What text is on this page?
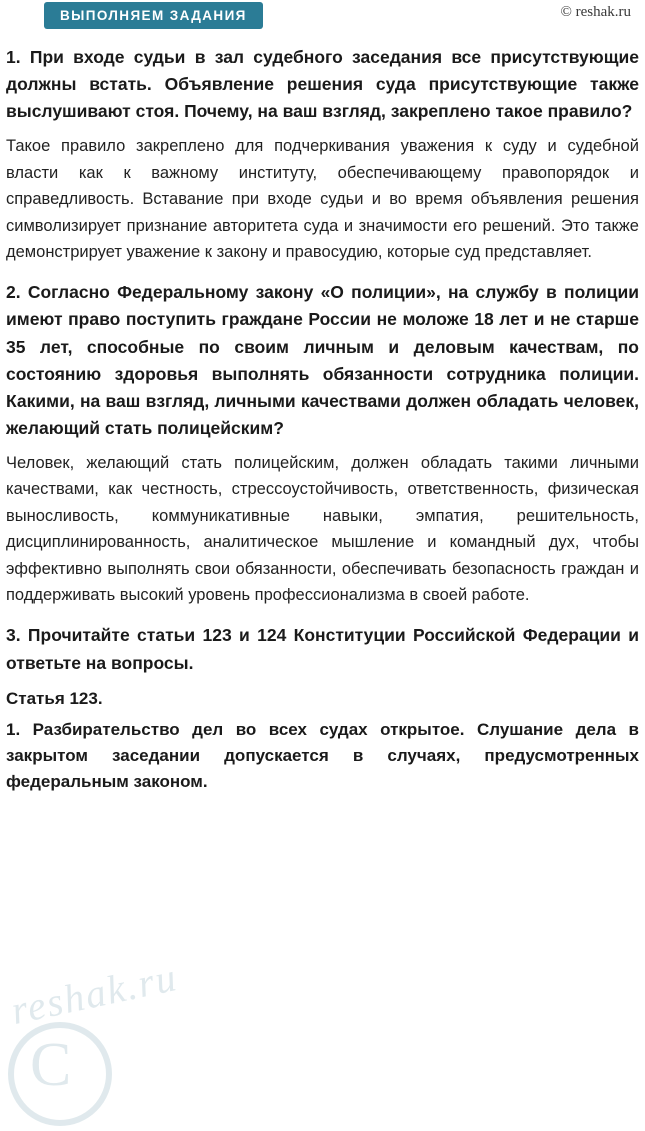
ВЫПОЛНЯЕМ ЗАДАНИЯ	© reshak.ru
1. При входе судьи в зал судебного заседания все присутствующие должны встать. Объявление решения суда присутствующие также выслушивают стоя. Почему, на ваш взгляд, закреплено такое правило?
Такое правило закреплено для подчеркивания уважения к суду и судебной власти как к важному институту, обеспечивающему правопорядок и справедливость. Вставание при входе судьи и во время объявления решения символизирует признание авторитета суда и значимости его решений. Это также демонстрирует уважение к закону и правосудию, которые суд представляет.
2. Согласно Федеральному закону «О полиции», на службу в полиции имеют право поступить граждане России не моложе 18 лет и не старше 35 лет, способные по своим личным и деловым качествам, по состоянию здоровья выполнять обязанности сотрудника полиции. Какими, на ваш взгляд, личными качествами должен обладать человек, желающий стать полицейским?
Человек, желающий стать полицейским, должен обладать такими личными качествами, как честность, стрессоустойчивость, ответственность, физическая выносливость, коммуникативные навыки, эмпатия, решительность, дисциплинированность, аналитическое мышление и командный дух, чтобы эффективно выполнять свои обязанности, обеспечивать безопасность граждан и поддерживать высокий уровень профессионализма в своей работе.
3. Прочитайте статьи 123 и 124 Конституции Российской Федерации и ответьте на вопросы.
Статья 123.
1. Разбирательство дел во всех судах открытое. Слушание дела в закрытом заседании допускается в случаях, предусмотренных федеральным законом.
reshak.ru
C
